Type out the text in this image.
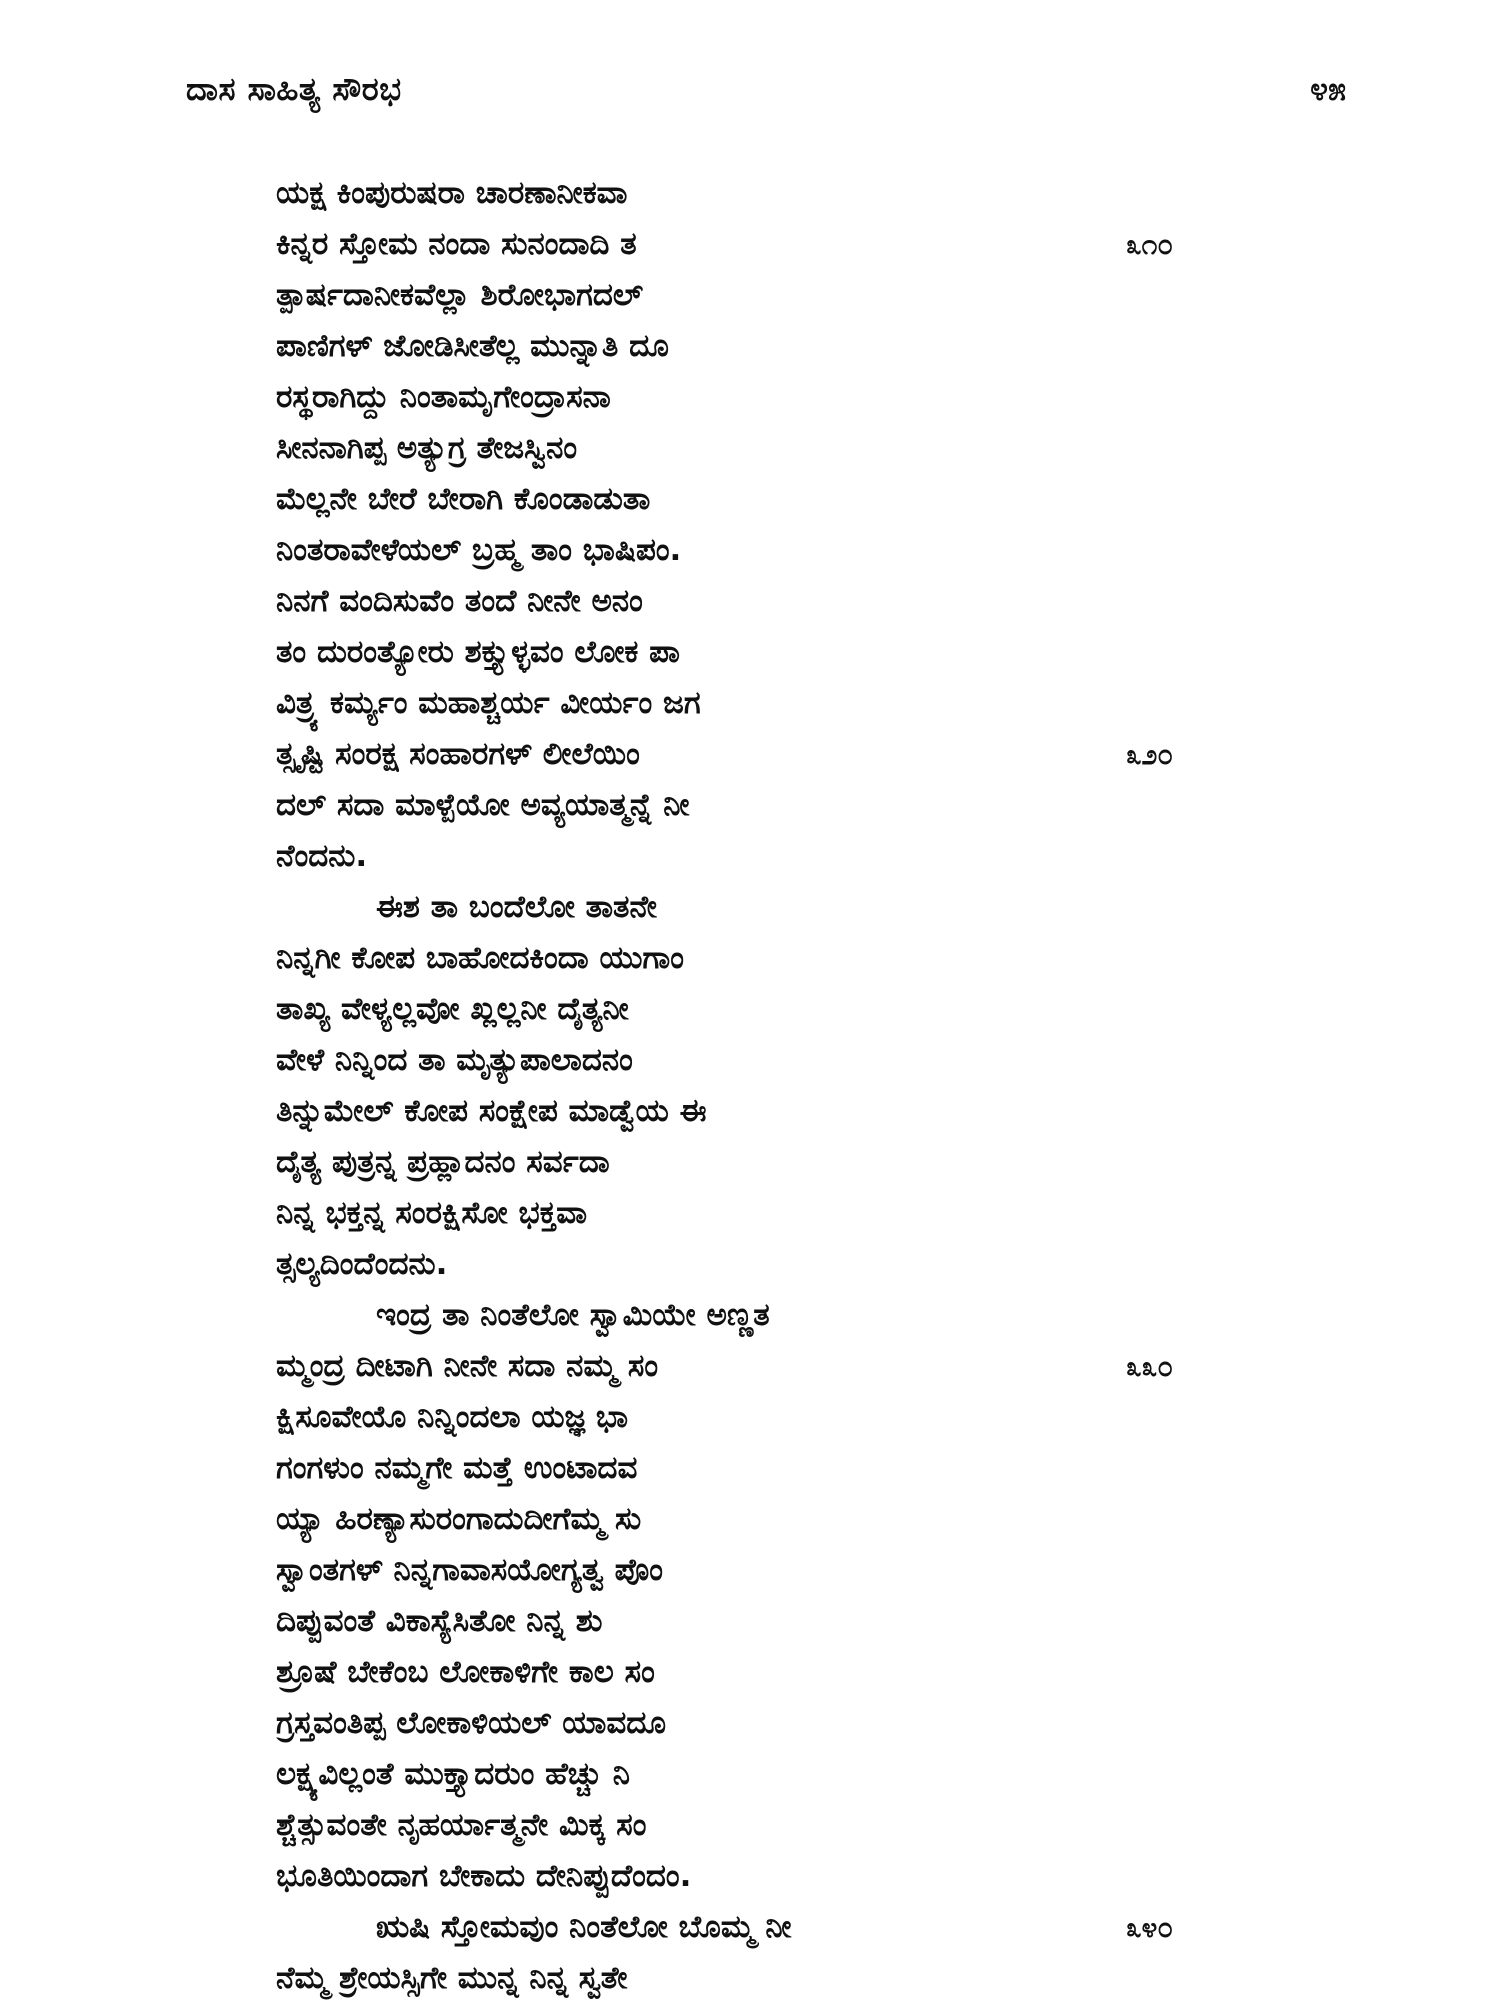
ದಾಸ ಸಾಹಿತ್ಯ ಸೌರಭ	೪೫
ಯಕ್ಷ ಕಿಂಪುರುಷರಾ ಚಾರಣಾನೀಕವಾ
ಕಿನ್ನರ ಸ್ತೋಮ ನಂದಾ ಸುನಂದಾದಿ ತ	೩೧೦
ತ್ಪಾರ್ಷದಾನೀಕವೆಲ್ಲಾ ಶಿರೋಭಾಗದಲ್
ಪಾಣಿಗಳ್ ಜೋಡಿಸೀತೆಲ್ಲ ಮುನ್ನಾತಿ ದೂ
ರಸ್ಥರಾಗಿದ್ದು ನಿಂತಾಮೃಗೇಂದ್ರಾಸನಾ
ಸೀನನಾಗಿಪ್ಪ ಅತ್ಯುಗ್ರ ತೇಜಸ್ವಿನಂ
ಮೆಲ್ಲನೇ ಬೇರೆ ಬೇರಾಗಿ ಕೊಂಡಾಡುತಾ
ನಿಂತರಾವೇಳೆಯಲ್ ಬ್ರಹ್ಮ ತಾಂ ಭಾಷಿಪಂ.
ನಿನಗೆ ವಂದಿಸುವೆಂ ತಂದೆ ನೀನೇ ಅನಂ
ತಂ ದುರಂತ್ಯೋರು ಶಕ್ತ್ಯುಳ್ಳವಂ ಲೋಕ ಪಾ
ವಿತ್ರ್ಯ ಕರ್ಮ್ಯಂ ಮಹಾಶ್ಚರ್ಯ ವೀರ್ಯಂ ಜಗ
ತ್ಸೃಷ್ಟಿ ಸಂರಕ್ಷ ಸಂಹಾರಗಳ್ ಲೀಲೆಯಿಂ	೩೨೦
ದಲ್ ಸದಾ ಮಾಳ್ಪೆಯೋ ಅವ್ಯಯಾತ್ಮನ್ನೆ ನೀ
ನೆಂದನು.
ಈಶ ತಾ ಬಂದೆಲೋ ತಾತನೇ
ನಿನ್ನಗೀ ಕೋಪ ಬಾಹೋದಕಿಂದಾ ಯುಗಾಂ
ತಾಖ್ಯ ವೇಳ್ಯಲ್ಲವೋ ಖ್ಲಲ್ಲನೀ ದೈತ್ಯನೀ
ವೇಳೆ ನಿನ್ನಿಂದ ತಾ ಮೃತ್ಯುಪಾಲಾದನಂ
ತಿನ್ನುಮೇಲ್ ಕೋಪ ಸಂಕ್ಷೇಪ ಮಾಡ್ವೆಯ ಈ
ದೈತ್ಯ ಪುತ್ರನ್ನ ಪ್ರಹ್ಲಾದನಂ ಸರ್ವದಾ
ನಿನ್ನ ಭಕ್ತನ್ನ ಸಂರಕ್ಷಿಸೋ ಭಕ್ತವಾ
ತ್ಸಲ್ಯದಿಂದೆಂದನು.
ಇಂದ್ರ ತಾ ನಿಂತೆಲೋ ಸ್ವಾಮಿಯೇ ಅಣ್ಣತ
ಮ್ಮಂದ್ರ ದೀಟಾಗಿ ನೀನೇ ಸದಾ ನಮ್ಮ ಸಂ	೩೩೦
ಕ್ಷಿಸೂವೇಯೊ ನಿನ್ನಿಂದಲಾ ಯಜ್ಞ ಭಾ
ಗಂಗಳುಂ ನಮ್ಮಗೇ ಮತ್ತೆ ಉಂಟಾದವ
ಯ್ಯಾ ಹಿರಣ್ಯಾಸುರಂಗಾದುದೀಗೆಮ್ಮ ಸು
ಸ್ವಾಂತಗಳ್ ನಿನ್ನಗಾವಾಸಯೋಗ್ಯತ್ವ ಪೊಂ
ದಿಪ್ಪುವಂತೆ ವಿಕಾಸ್ಯೆಸಿತೋ ನಿನ್ನ ಶು
ಶ್ರೂಷೆ ಬೇಕೆಂಬ ಲೋಕಾಳಿಗೇ ಕಾಲ ಸಂ
ಗ್ರಸ್ತವಂತಿಪ್ಪ ಲೋಕಾಳಿಯಲ್ ಯಾವದೂ
ಲಕ್ಷ್ಯವಿಲ್ಲಂತೆ ಮುಕ್ತ್ಯಾದರುಂ ಹೆಚ್ಚು ನಿ
ಶ್ಚೆತ್ಸುವಂತೇ ನೃಹರ್ಯಾತ್ಮನೇ ಮಿಕ್ಕ ಸಂ
ಭೂತಿಯಿಂದಾಗ ಬೇಕಾದು ದೇನಿಪ್ಪುದೆಂದಂ.
ಋಷಿ ಸ್ತೋಮವುಂ ನಿಂತೆಲೋ ಬೊಮ್ಮ ನೀ	೩೪೦
ನೆಮ್ಮ ಶ್ರೇಯಸ್ಸಿಗೇ ಮುನ್ನ ನಿನ್ನ ಸ್ವತೇ
